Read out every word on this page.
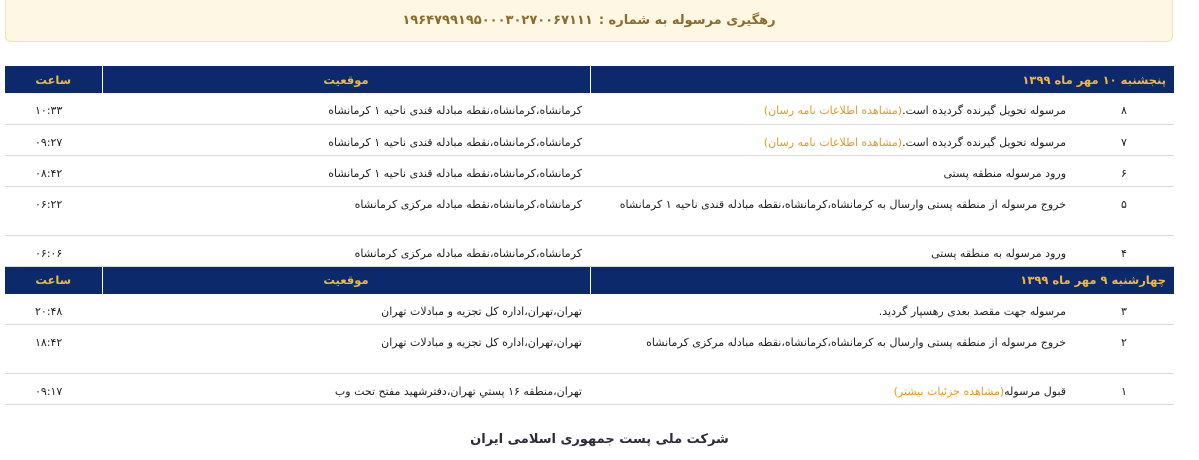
رهگیری مرسوله به شماره :
۱۹۶۴۷۹۹۱۹۵۰۰۰۳۰۲۷۰۰۶۷۱۱۱
پنجشنبه ۱۰ مهر ماه ۱۳۹۹		موقعیت	ساعت
۸	مرسوله تحویل گیرنده گردیده است.(مشاهده اطلاعات نامه رسان)	کرمانشاه،کرمانشاه،نقطه مبادله قندی ناحیه ۱ کرمانشاه	۱۰:۳۳
۷	مرسوله تحویل گیرنده گردیده است.(مشاهده اطلاعات نامه رسان)	کرمانشاه،کرمانشاه،نقطه مبادله قندی ناحیه ۱ کرمانشاه	۰۹:۲۷
۶	ورود مرسوله منطقه پستی	کرمانشاه،کرمانشاه،نقطه مبادله قندی ناحیه ۱ کرمانشاه	۰۸:۴۲
۵	خروج مرسوله از منطقه پستی وارسال به کرمانشاه،کرمانشاه،نقطه مبادله قندی ناحیه ۱ کرمانشاه	کرمانشاه،کرمانشاه،نقطه مبادله مرکزی کرمانشاه	۰۶:۲۲
۴	ورود مرسوله به منطقه پستی	کرمانشاه،کرمانشاه،نقطه مبادله مرکزی کرمانشاه	۰۶:۰۶
چهارشنبه ۹ مهر ماه ۱۳۹۹		موقعیت	ساعت
۳	مرسوله جهت مقصد بعدی رهسپار گردید.	تهران،تهران،اداره کل تجزیه و مبادلات تهران	۲۰:۴۸
۲	خروج مرسوله از منطقه پستی وارسال به کرمانشاه،کرمانشاه،نقطه مبادله مرکزی کرمانشاه	تهران،تهران،اداره کل تجزیه و مبادلات تهران	۱۸:۴۲
۱	قبول مرسوله(مشاهده جزئیات بیشتر)	تهران،منطقه ۱۶ پستي تهران،دفترشهید مفتح تحت وب	۰۹:۱۷
شرکت ملی پست جمهوری اسلامی ایران
